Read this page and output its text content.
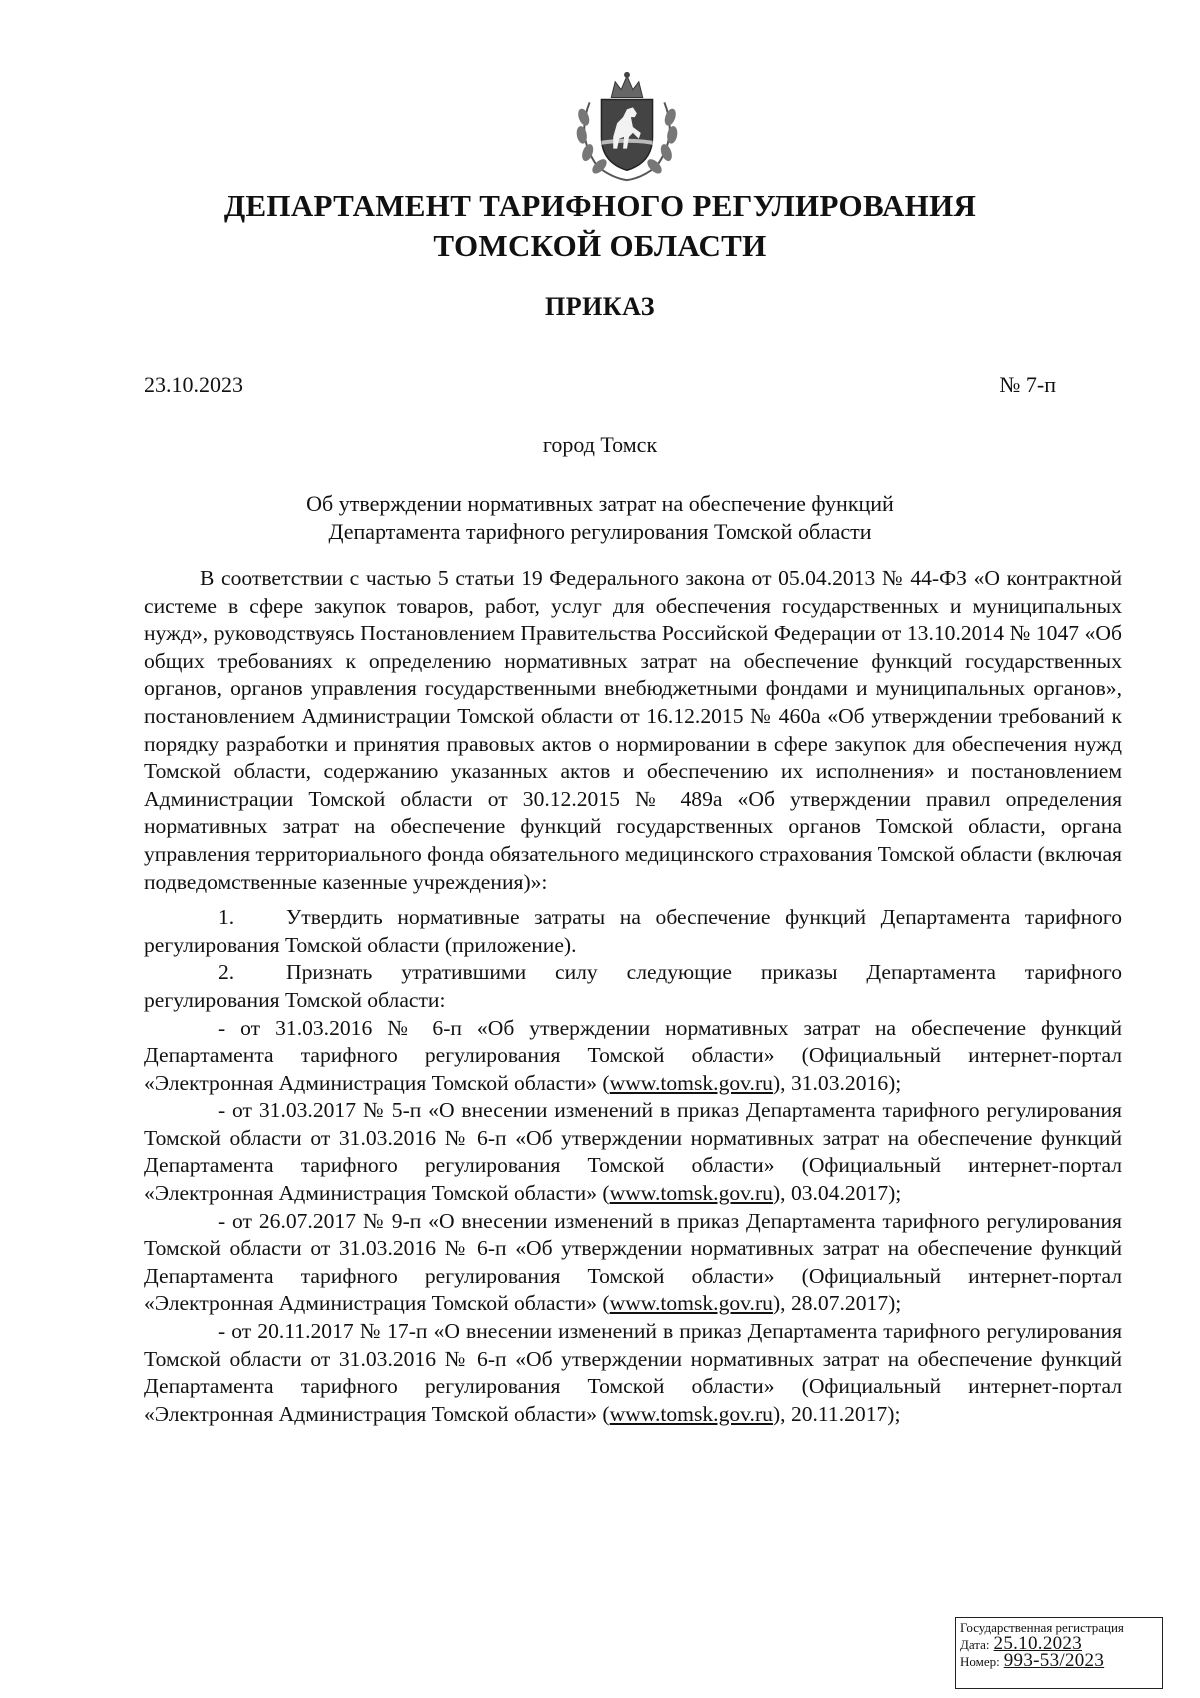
ДЕПАРТАМЕНТ ТАРИФНОГО РЕГУЛИРОВАНИЯ
ТОМСКОЙ ОБЛАСТИ
ПРИКАЗ
23.10.2023	№ 7-п
город Томск
Об утверждении нормативных затрат на обеспечение функций
Департамента тарифного регулирования Томской области

В соответствии с частью 5 статьи 19 Федерального закона от 05.04.2013 № 44-ФЗ «О контрактной системе в сфере закупок товаров, работ, услуг для обеспечения государственных и муниципальных нужд», руководствуясь Постановлением Правительства Российской Федерации от 13.10.2014 № 1047 «Об общих требованиях к определению нормативных затрат на обеспечение функций государственных органов, органов управления государственными внебюджетными фондами и муниципальных органов», постановлением Администрации Томской области от 16.12.2015 № 460а «Об утверждении требований к порядку разработки и принятия правовых актов о нормировании в сфере закупок для обеспечения нужд Томской области, содержанию указанных актов и обеспечению их исполнения» и постановлением Администрации Томской области от 30.12.2015 № 489а «Об утверждении правил определения нормативных затрат на обеспечение функций государственных органов Томской области, органа управления территориального фонда обязательного медицинского страхования Томской области (включая подведомственные казенные учреждения)»:

1. Утвердить нормативные затраты на обеспечение функций Департамента тарифного регулирования Томской области (приложение).

2. Признать утратившими силу следующие приказы Департамента тарифного регулирования Томской области:

- от 31.03.2016 № 6-п «Об утверждении нормативных затрат на обеспечение функций Департамента тарифного регулирования Томской области» (Официальный интернет-портал «Электронная Администрация Томской области» (www.tomsk.gov.ru), 31.03.2016);

- от 31.03.2017 № 5-п «О внесении изменений в приказ Департамента тарифного регулирования Томской области от 31.03.2016 № 6-п «Об утверждении нормативных затрат на обеспечение функций Департамента тарифного регулирования Томской области» (Официальный интернет-портал «Электронная Администрация Томской области» (www.tomsk.gov.ru), 03.04.2017);

- от 26.07.2017 № 9-п «О внесении изменений в приказ Департамента тарифного регулирования Томской области от 31.03.2016 № 6-п «Об утверждении нормативных затрат на обеспечение функций Департамента тарифного регулирования Томской области» (Официальный интернет-портал «Электронная Администрация Томской области» (www.tomsk.gov.ru), 28.07.2017);

- от 20.11.2017 № 17-п «О внесении изменений в приказ Департамента тарифного регулирования Томской области от 31.03.2016 № 6-п «Об утверждении нормативных затрат на обеспечение функций Департамента тарифного регулирования Томской области» (Официальный интернет-портал «Электронная Администрация Томской области» (www.tomsk.gov.ru), 20.11.2017);

Государственная регистрация
Дата: 25.10.2023
Номер: 993-53/2023
